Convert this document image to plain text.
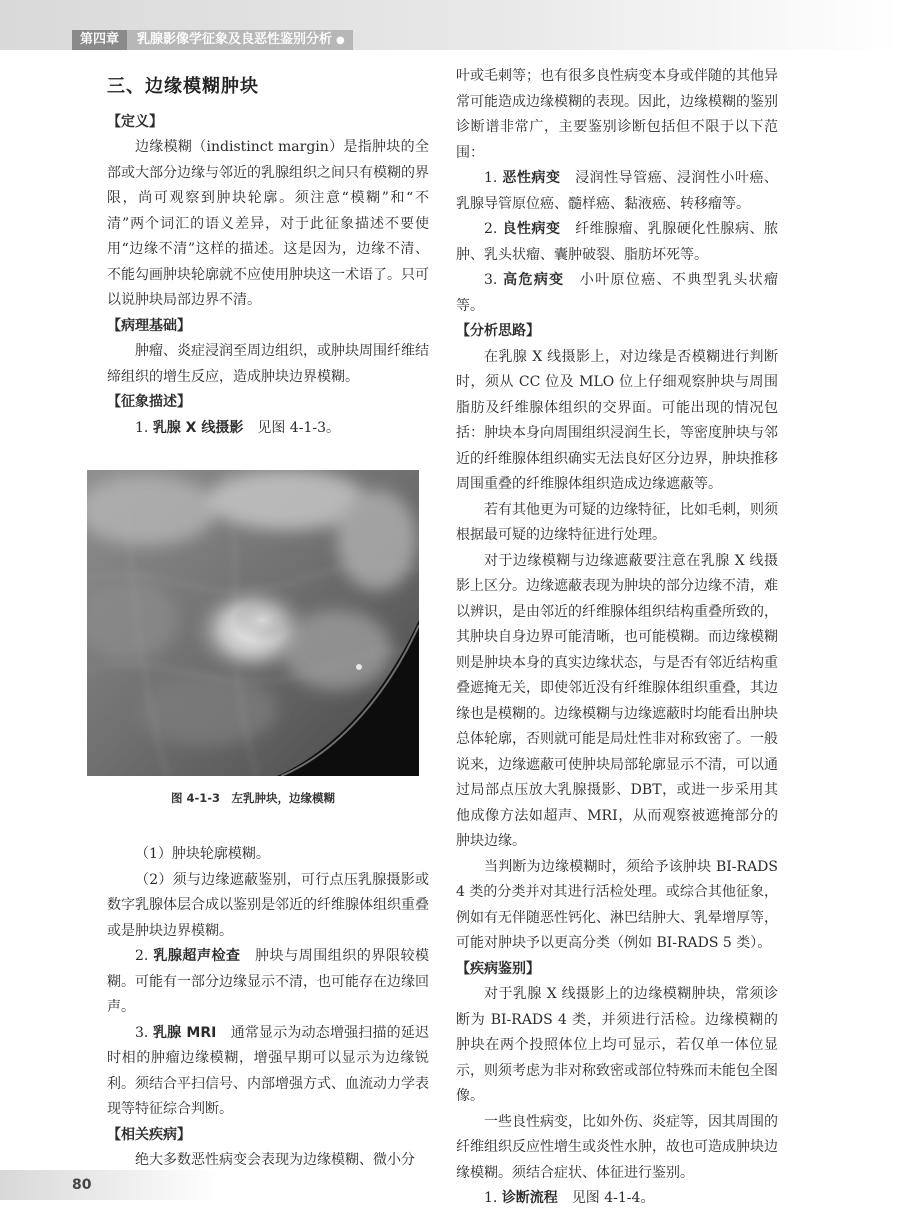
第四章	乳腺影像学征象及良恶性鉴别分析 ●

三、边缘模糊肿块

【定义】

边缘模糊（indistinct margin）是指肿块的全部或大部分边缘与邻近的乳腺组织之间只有模糊的界限，尚可观察到肿块轮廓。须注意“模糊”和“不清”两个词汇的语义差异，对于此征象描述不要使用“边缘不清”这样的描述。这是因为，边缘不清、不能勾画肿块轮廓就不应使用肿块这一术语了。只可以说肿块局部边界不清。

【病理基础】

肿瘤、炎症浸润至周边组织，或肿块周围纤维结缔组织的增生反应，造成肿块边界模糊。

【征象描述】

1. 乳腺 X 线摄影　 见图 4-1-3。

图 4-1-3　左乳肿块，边缘模糊

（1）肿块轮廓模糊。

（2）须与边缘遮蔽鉴别，可行点压乳腺摄影或数字乳腺体层合成以鉴别是邻近的纤维腺体组织重叠或是肿块边界模糊。

2. 乳腺超声检查　 肿块与周围组织的界限较模糊。可能有一部分边缘显示不清，也可能存在边缘回声。

3. 乳腺 MRI　 通常显示为动态增强扫描的延迟时相的肿瘤边缘模糊，增强早期可以显示为边缘锐利。须结合平扫信号、内部增强方式、血流动力学表现等特征综合判断。

【相关疾病】

绝大多数恶性病变会表现为边缘模糊、微小分

叶或毛刺等；也有很多良性病变本身或伴随的其他异常可能造成边缘模糊的表现。因此，边缘模糊的鉴别诊断谱非常广，主要鉴别诊断包括但不限于以下范围：

1. 恶性病变　 浸润性导管癌、浸润性小叶癌、乳腺导管原位癌、髓样癌、黏液癌、转移瘤等。

2. 良性病变　 纤维腺瘤、乳腺硬化性腺病、脓肿、乳头状瘤、囊肿破裂、脂肪坏死等。

3. 高危病变　 小叶原位癌、不典型乳头状瘤等。

【分析思路】

在乳腺 X 线摄影上，对边缘是否模糊进行判断时，须从 CC 位及 MLO 位上仔细观察肿块与周围脂肪及纤维腺体组织的交界面。可能出现的情况包括：肿块本身向周围组织浸润生长，等密度肿块与邻近的纤维腺体组织确实无法良好区分边界，肿块推移周围重叠的纤维腺体组织造成边缘遮蔽等。

若有其他更为可疑的边缘特征，比如毛刺，则须根据最可疑的边缘特征进行处理。

对于边缘模糊与边缘遮蔽要注意在乳腺 X 线摄影上区分。边缘遮蔽表现为肿块的部分边缘不清，难以辨识，是由邻近的纤维腺体组织结构重叠所致的，其肿块自身边界可能清晰，也可能模糊。而边缘模糊则是肿块本身的真实边缘状态，与是否有邻近结构重叠遮掩无关，即使邻近没有纤维腺体组织重叠，其边缘也是模糊的。边缘模糊与边缘遮蔽时均能看出肿块总体轮廓，否则就可能是局灶性非对称致密了。一般说来，边缘遮蔽可使肿块局部轮廓显示不清，可以通过局部点压放大乳腺摄影、DBT，或进一步采用其他成像方法如超声、MRI，从而观察被遮掩部分的肿块边缘。

当判断为边缘模糊时，须给予该肿块 BI-RADS 4 类的分类并对其进行活检处理。或综合其他征象，例如有无伴随恶性钙化、淋巴结肿大、乳晕增厚等，可能对肿块予以更高分类（例如 BI-RADS 5 类）。

【疾病鉴别】

对于乳腺 X 线摄影上的边缘模糊肿块，常须诊断为 BI-RADS 4 类，并须进行活检。边缘模糊的肿块在两个投照体位上均可显示，若仅单一体位显示，则须考虑为非对称致密或部位特殊而未能包全图像。

一些良性病变，比如外伤、炎症等，因其周围的纤维组织反应性增生或炎性水肿，故也可造成肿块边缘模糊。须结合症状、体征进行鉴别。

1. 诊断流程　 见图 4-1-4。

80
